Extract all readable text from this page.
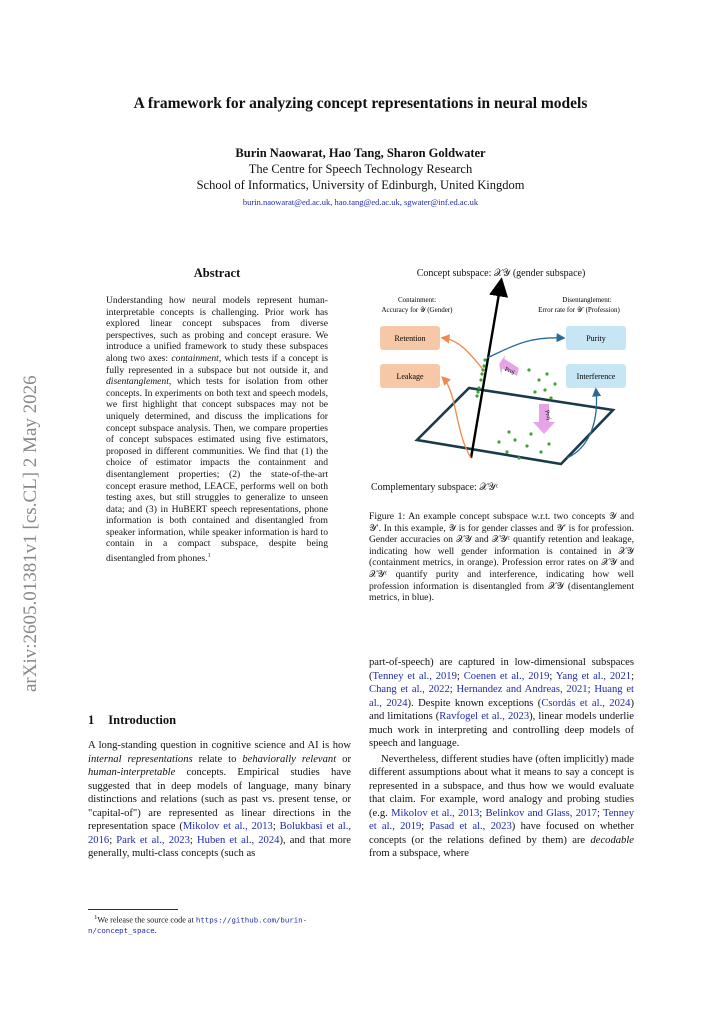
arXiv:2605.01381v1 [cs.CL] 2 May 2026
A framework for analyzing concept representations in neural models
Burin Naowarat, Hao Tang, Sharon Goldwater
The Centre for Speech Technology Research
School of Informatics, University of Edinburgh, United Kingdom
burin.naowarat@ed.ac.uk, hao.tang@ed.ac.uk, sgwater@inf.ed.ac.uk
Abstract
Understanding how neural models represent human-interpretable concepts is challenging. Prior work has explored linear concept subspaces from diverse perspectives, such as probing and concept erasure. We introduce a unified framework to study these subspaces along two axes: containment, which tests if a concept is fully represented in a subspace but not outside it, and disentanglement, which tests for isolation from other concepts. In experiments on both text and speech models, we first highlight that concept subspaces may not be uniquely determined, and discuss the implications for concept subspace analysis. Then, we compare properties of concept subspaces estimated using five estimators, proposed in different communities. We find that (1) the choice of estimator impacts the containment and disentanglement properties; (2) the state-of-the-art concept erasure method, LEACE, performs well on both testing axes, but still struggles to generalize to unseen data; and (3) in HuBERT speech representations, phone information is both contained and disentangled from speaker information, while speaker information is hard to contain in a compact subspace, despite being disentangled from phones.$^1$
1 Introduction
A long-standing question in cognitive science and AI is how internal representations relate to behaviorally relevant or human-interpretable concepts. Empirical studies have suggested that in deep models of language, many binary distinctions and relations (such as past vs. present tense, or "capital-of") are represented as linear directions in the representation space (Mikolov et al., 2013; Bolukbasi et al., 2016; Park et al., 2023; Huben et al., 2024), and that more generally, multi-class concepts (such as
$^1$We release the source code at https://github.com/burin-n/concept_space.
Concept subspace: 𝒳𝒴 (gender subspace)
Containment:
Accuracy for 𝒴 (Gender)
Disentanglement:
Error rate for 𝒴′ (Profession)
Retention
Leakage
Purity
Interference
Proj
Proj
Complementary subspace: 𝒳𝒴ᶜ
Figure 1: An example concept subspace w.r.t. two concepts 𝒴 and 𝒴′. In this example, 𝒴 is for gender classes and 𝒴′ is for profession. Gender accuracies on 𝒳𝒴 and 𝒳𝒴ᶜ quantify retention and leakage, indicating how well gender information is contained in 𝒳𝒴 (containment metrics, in orange). Profession error rates on 𝒳𝒴 and 𝒳𝒴ᶜ quantify purity and interference, indicating how well profession information is disentangled from 𝒳𝒴 (disentanglement metrics, in blue).

part-of-speech) are captured in low-dimensional subspaces (Tenney et al., 2019; Coenen et al., 2019; Yang et al., 2021; Chang et al., 2022; Hernandez and Andreas, 2021; Huang et al., 2024). Despite known exceptions (Csordás et al., 2024) and limitations (Ravfogel et al., 2023), linear models underlie much work in interpreting and controlling deep models of speech and language.

Nevertheless, different studies have (often implicitly) made different assumptions about what it means to say a concept is represented in a subspace, and thus how we would evaluate that claim. For example, word analogy and probing studies (e.g. Mikolov et al., 2013; Belinkov and Glass, 2017; Tenney et al., 2019; Pasad et al., 2023) have focused on whether concepts (or the relations defined by them) are decodable from a subspace, where
